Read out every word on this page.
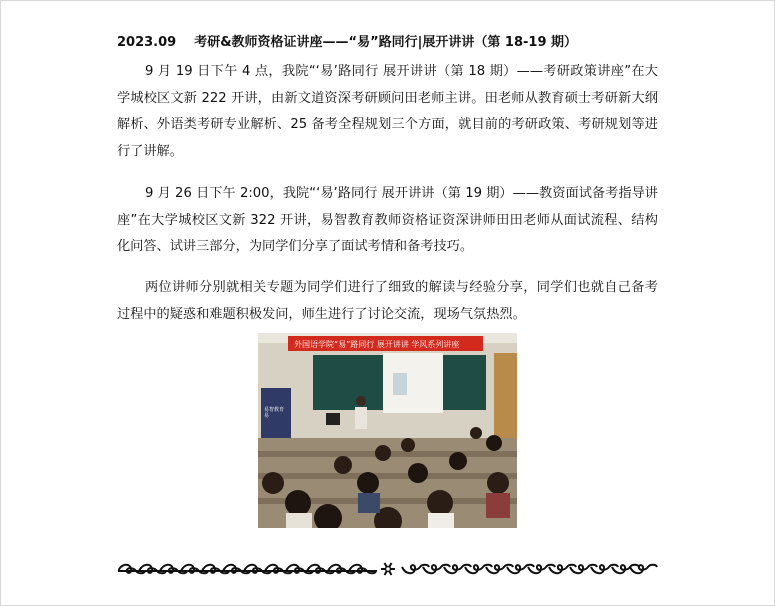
2023.09 考研&教师资格证讲座——“易”路同行|展开讲讲（第 18-19 期）

9 月 19 日下午 4 点，我院“‘易’路同行 展开讲讲（第 18 期）——考研政策讲座”在大学城校区文新 222 开讲，由新文道资深考研顾问田老师主讲。田老师从教育硕士考研新大纲解析、外语类考研专业解析、25 备考全程规划三个方面，就目前的考研政策、考研规划等进行了讲解。

9 月 26 日下午 2:00，我院“‘易’路同行 展开讲讲（第 19 期）——教资面试备考指导讲座”在大学城校区文新 322 开讲，易智教育教师资格证资深讲师田田老师从面试流程、结构化问答、试讲三部分，为同学们分享了面试考情和备考技巧。

两位讲师分别就相关专题为同学们进行了细致的解读与经验分享，同学们也就自己备考过程中的疑惑和难题积极发问，师生进行了讨论交流，现场气氛热烈。

外国语学院“易”路同行 展开讲讲 学风系列讲座
易智教育 易
